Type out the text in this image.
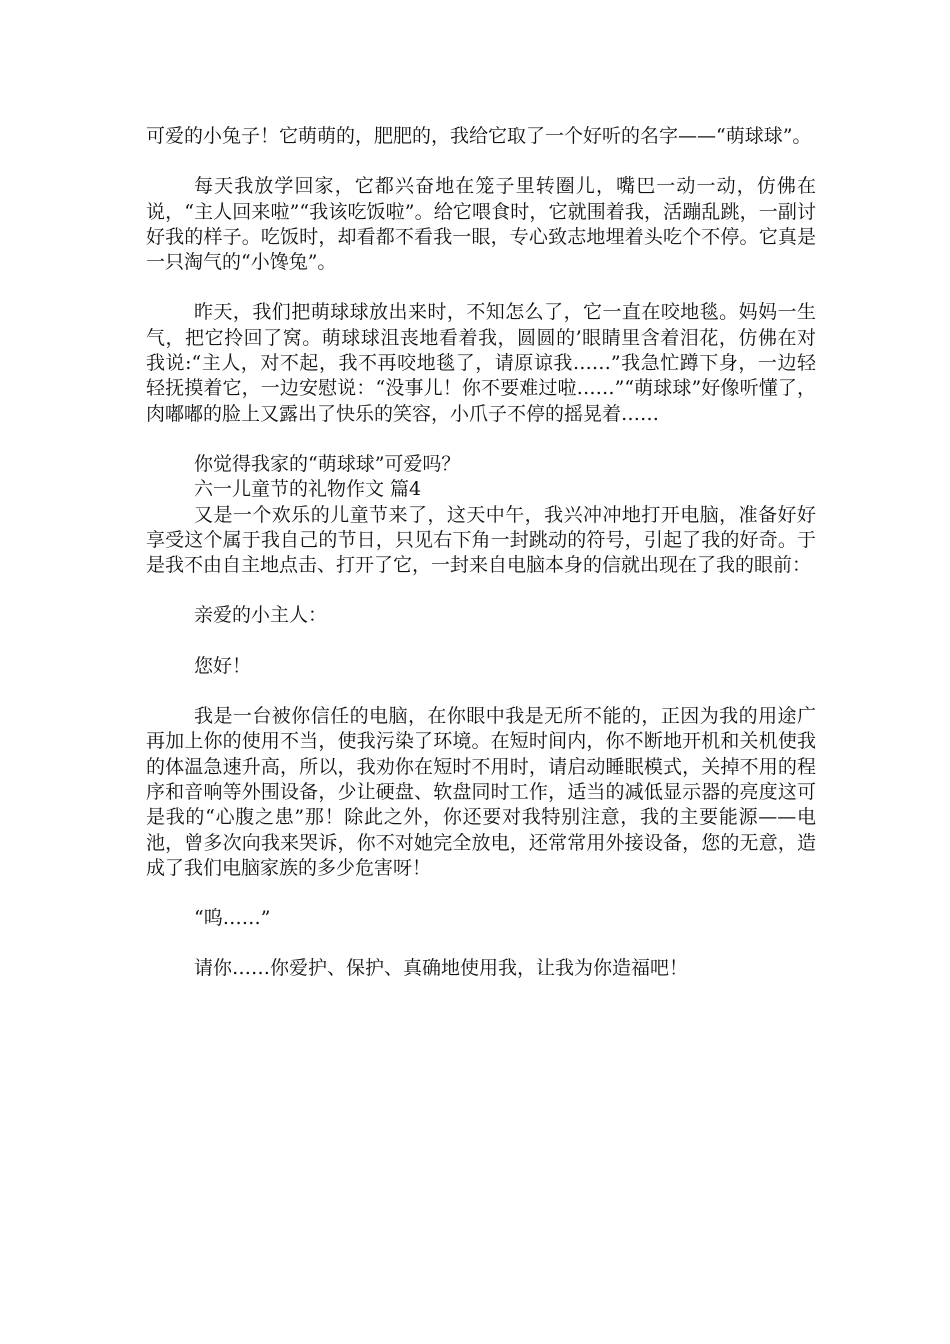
可爱的小兔子！它萌萌的，肥肥的，我给它取了一个好听的名字——“萌球球”。

每天我放学回家，它都兴奋地在笼子里转圈儿，嘴巴一动一动，仿佛在说，“主人回来啦”“我该吃饭啦”。给它喂食时，它就围着我，活蹦乱跳，一副讨好我的样子。吃饭时，却看都不看我一眼，专心致志地埋着头吃个不停。它真是一只淘气的“小馋兔”。

昨天，我们把萌球球放出来时，不知怎么了，它一直在咬地毯。妈妈一生气，把它拎回了窝。萌球球沮丧地看着我，圆圆的’眼睛里含着泪花，仿佛在对我说:“主人，对不起，我不再咬地毯了，请原谅我……”我急忙蹲下身，一边轻轻抚摸着它，一边安慰说：“没事儿！你不要难过啦……”“萌球球”好像听懂了，肉嘟嘟的脸上又露出了快乐的笑容，小爪子不停的摇晃着……

你觉得我家的“萌球球”可爱吗？

六一儿童节的礼物作文 篇4

又是一个欢乐的儿童节来了，这天中午，我兴冲冲地打开电脑，准备好好享受这个属于我自己的节日，只见右下角一封跳动的符号，引起了我的好奇。于是我不由自主地点击、打开了它，一封来自电脑本身的信就出现在了我的眼前：

亲爱的小主人：

您好！

我是一台被你信任的电脑，在你眼中我是无所不能的，正因为我的用途广再加上你的使用不当，使我污染了环境。在短时间内，你不断地开机和关机使我的体温急速升高，所以，我劝你在短时不用时，请启动睡眠模式，关掉不用的程序和音响等外围设备，少让硬盘、软盘同时工作，适当的减低显示器的亮度这可是我的“心腹之患”那！除此之外，你还要对我特别注意，我的主要能源——电池，曾多次向我来哭诉，你不对她完全放电，还常常用外接设备，您的无意，造成了我们电脑家族的多少危害呀！

“呜……”

请你……你爱护、保护、真确地使用我，让我为你造福吧！
